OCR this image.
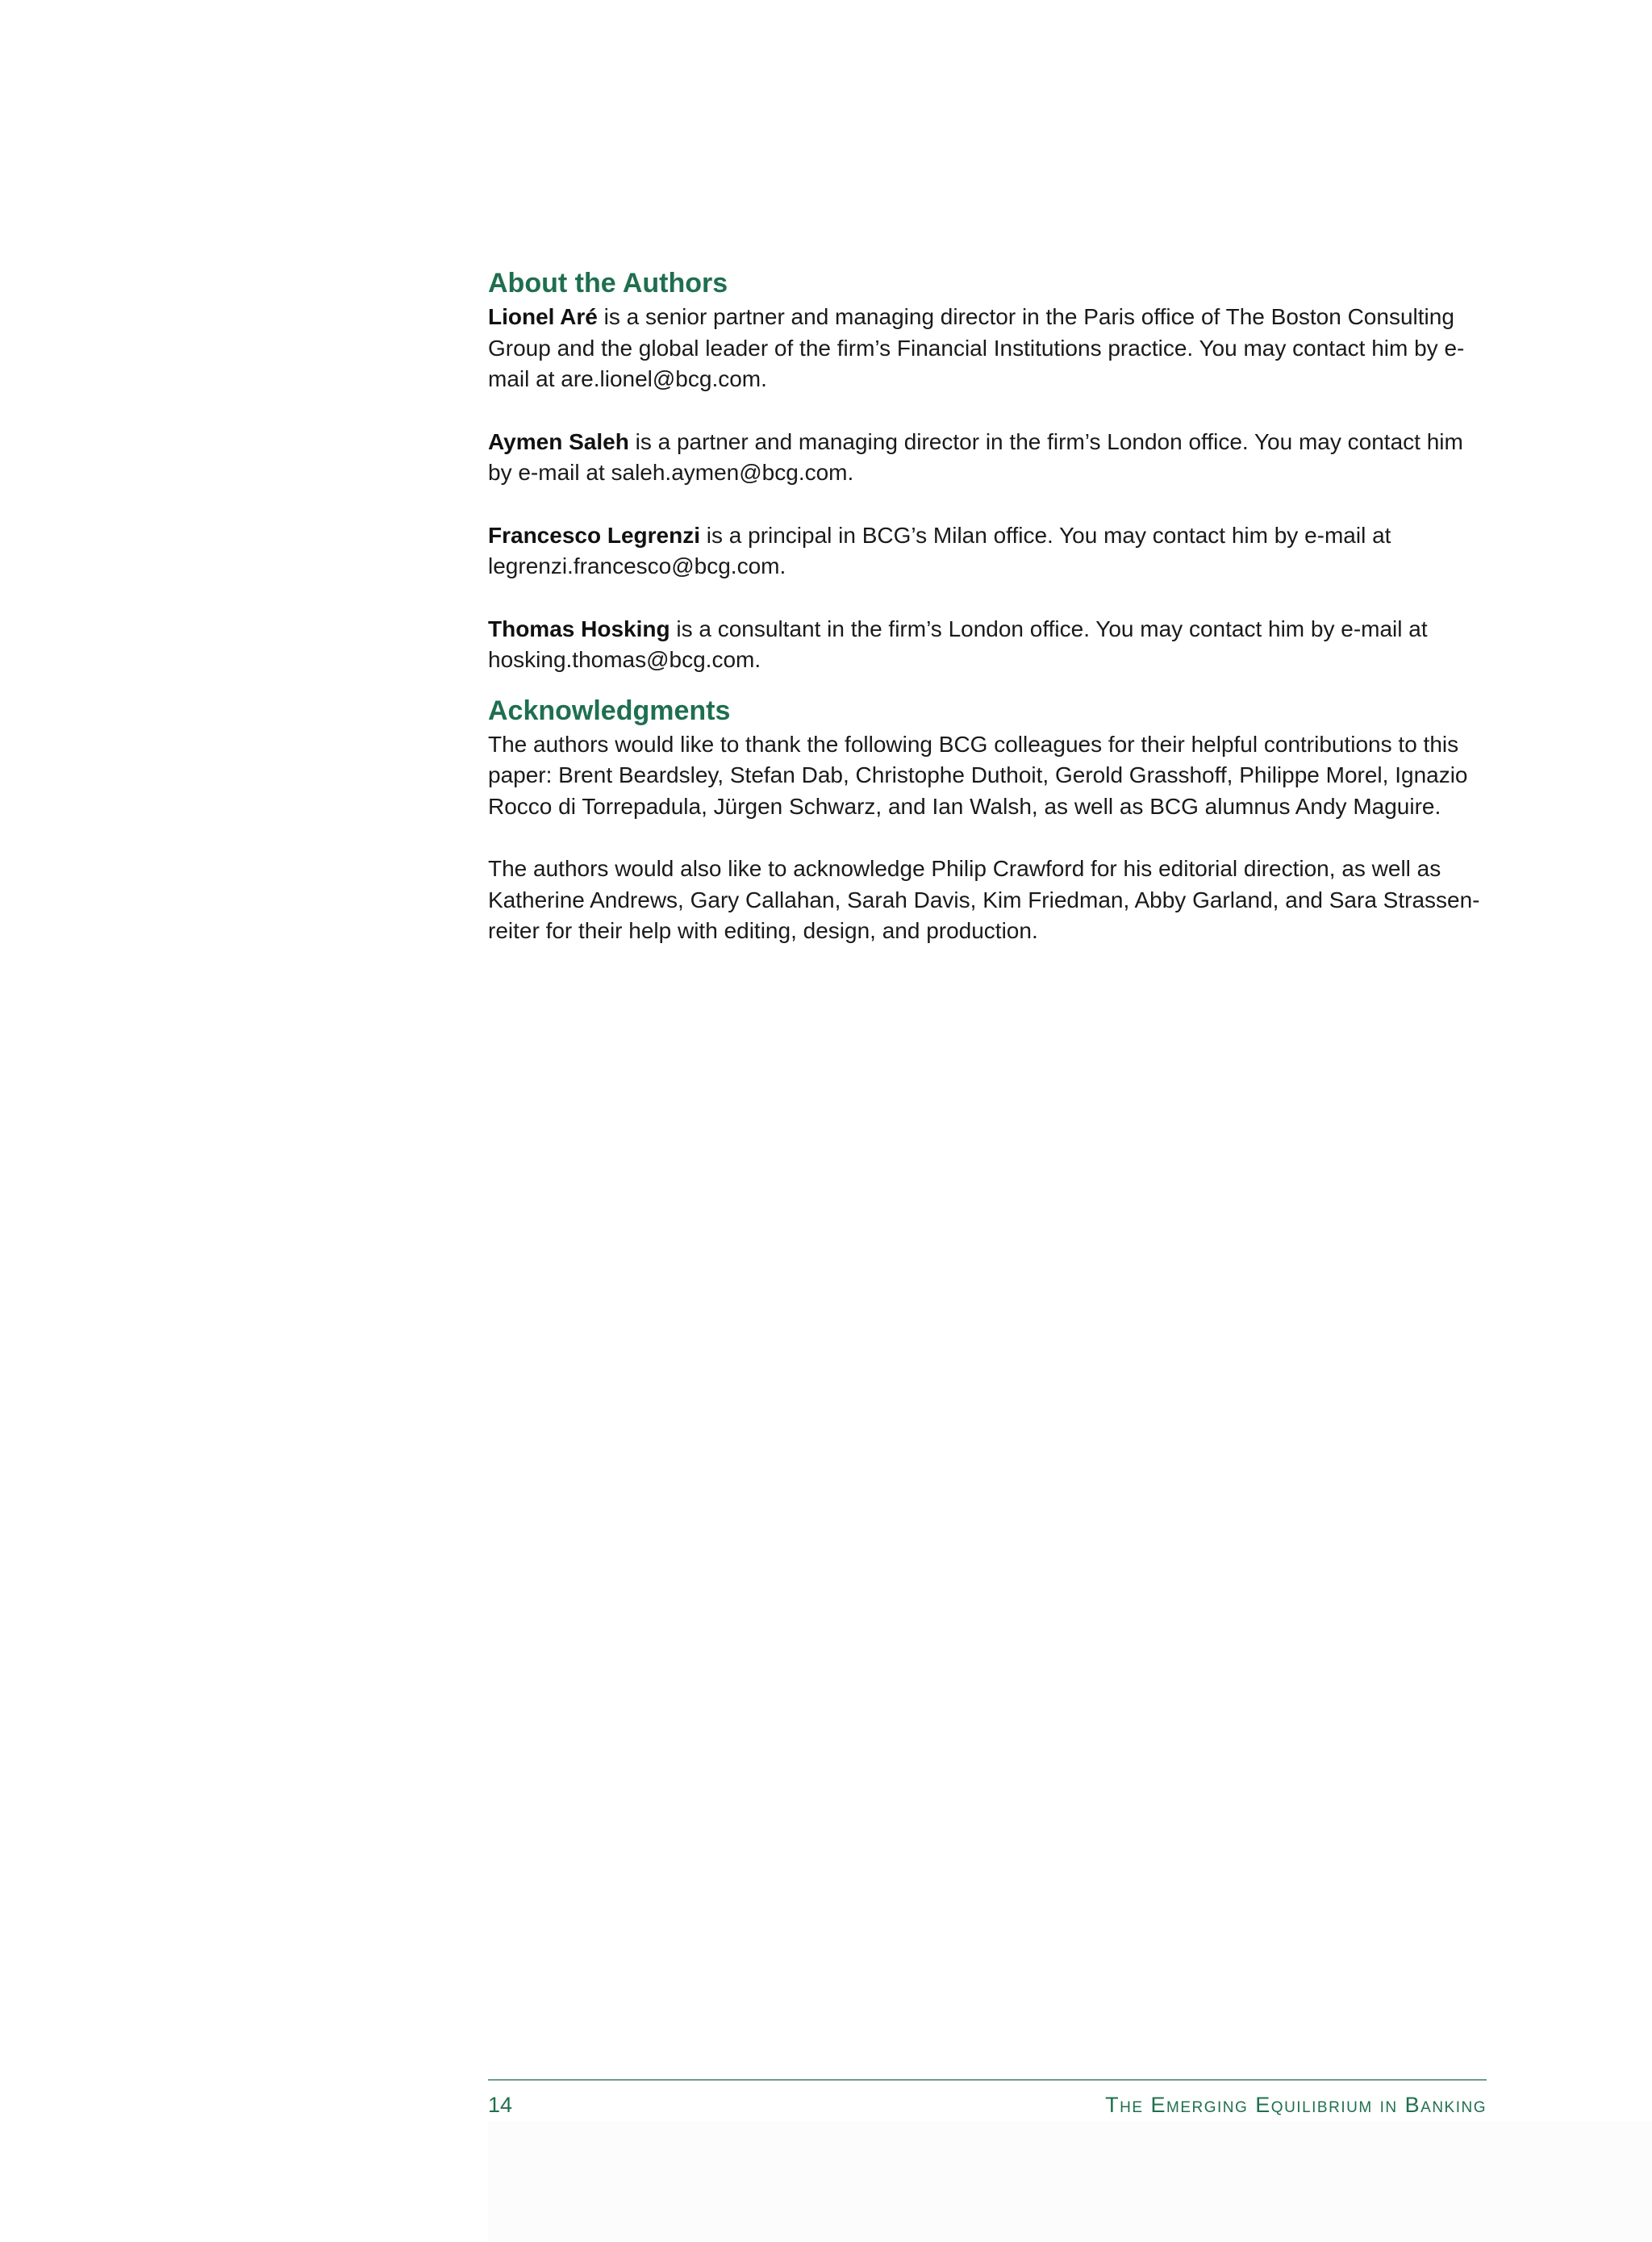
About the Authors

Lionel Aré is a senior partner and managing director in the Paris office of The Boston Consulting Group and the global leader of the firm’s Financial Institutions practice. You may contact him by e-mail at are.lionel@bcg.com.

Aymen Saleh is a partner and managing director in the firm’s London office. You may contact him by e-mail at saleh.aymen@bcg.com.

Francesco Legrenzi is a principal in BCG’s Milan office. You may contact him by e-mail at legrenzi.francesco@bcg.com.

Thomas Hosking is a consultant in the firm’s London office. You may contact him by e-mail at hosking.thomas@bcg.com.

Acknowledgments

The authors would like to thank the following BCG colleagues for their helpful contributions to this paper: Brent Beardsley, Stefan Dab, Christophe Duthoit, Gerold Grasshoff, Philippe Morel, Ignazio Rocco di Torrepadula, Jürgen Schwarz, and Ian Walsh, as well as BCG alumnus Andy Maguire.

The authors would also like to acknowledge Philip Crawford for his editorial direction, as well as Katherine Andrews, Gary Callahan, Sarah Davis, Kim Friedman, Abby Garland, and Sara Strassen-reiter for their help with editing, design, and production.

14	The Emerging Equilibrium in Banking
